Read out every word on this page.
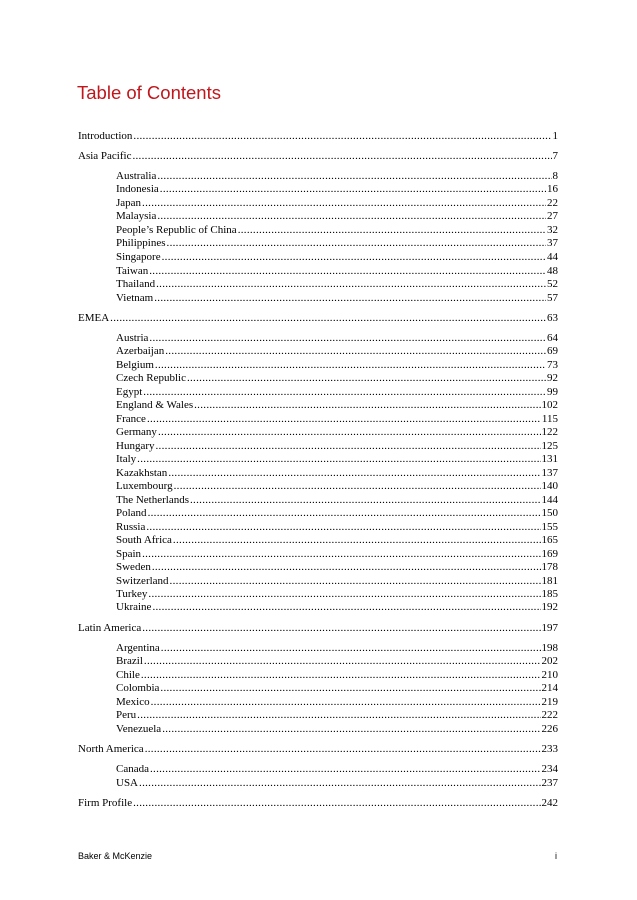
Table of Contents
Introduction .....	1
Asia Pacific .....	7
Australia .....	8
Indonesia .....	16
Japan .....	22
Malaysia .....	27
People’s Republic of China .....	32
Philippines .....	37
Singapore .....	44
Taiwan .....	48
Thailand .....	52
Vietnam .....	57
EMEA .....	63
Austria .....	64
Azerbaijan .....	69
Belgium .....	73
Czech Republic .....	92
Egypt .....	99
England & Wales .....	102
France .....	115
Germany .....	122
Hungary .....	125
Italy .....	131
Kazakhstan .....	137
Luxembourg .....	140
The Netherlands .....	144
Poland .....	150
Russia .....	155
South Africa .....	165
Spain .....	169
Sweden .....	178
Switzerland .....	181
Turkey .....	185
Ukraine .....	192
Latin America .....	197
Argentina .....	198
Brazil .....	202
Chile .....	210
Colombia .....	214
Mexico .....	219
Peru .....	222
Venezuela .....	226
North America .....	233
Canada .....	234
USA .....	237
Firm Profile .....	242
Baker & McKenzie	i
